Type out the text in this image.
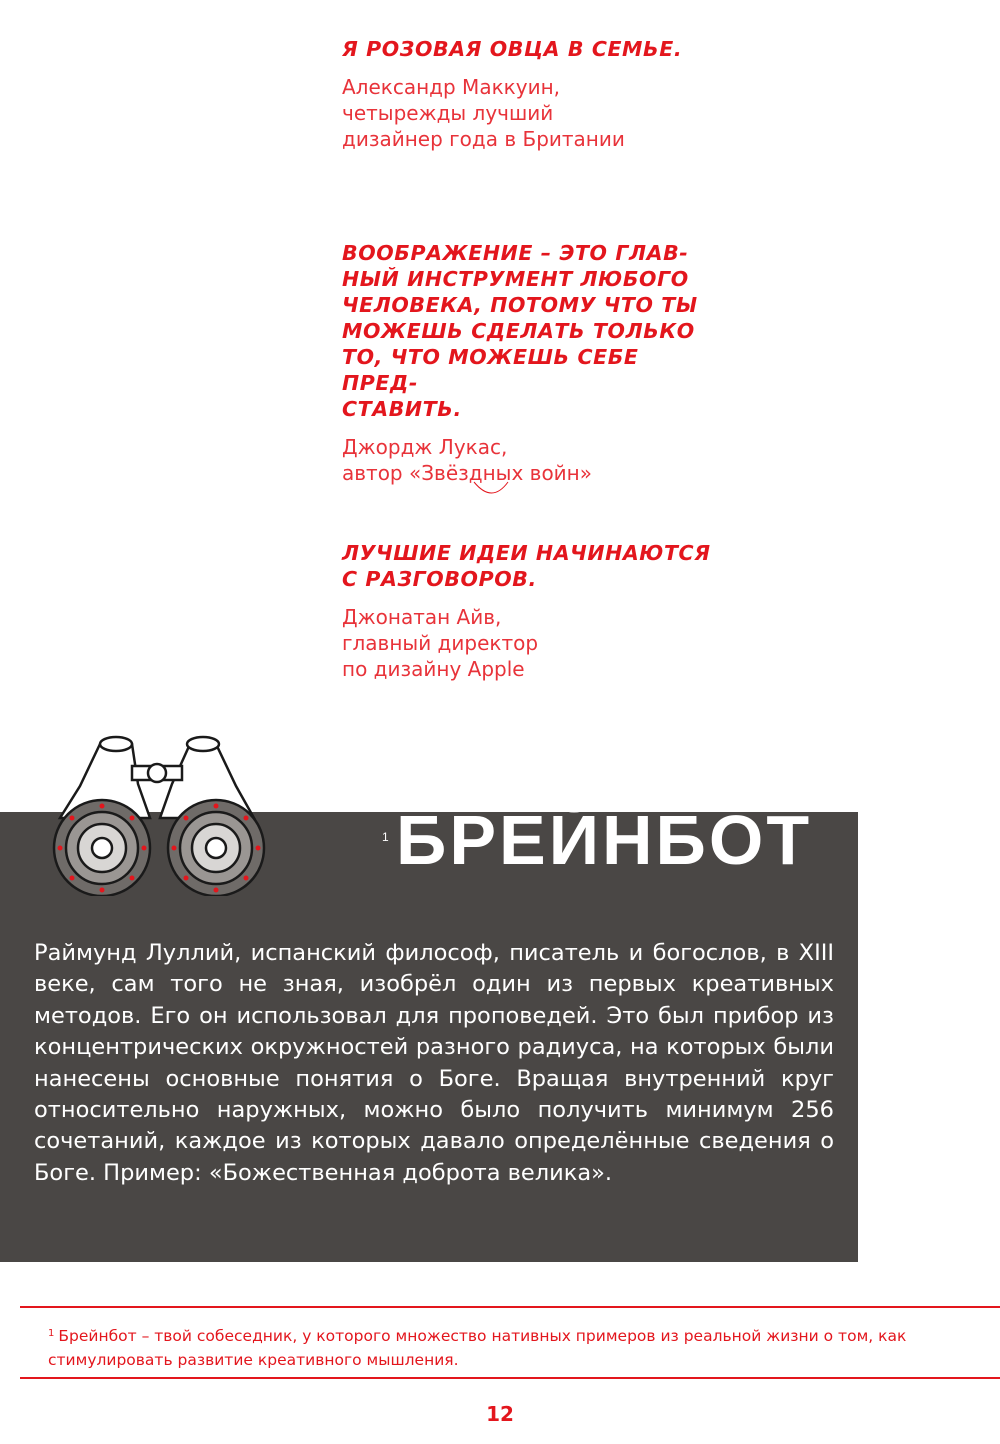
Я РОЗОВАЯ ОВЦА В СЕМЬЕ.

Александр Маккуин,
четырежды лучший
дизайнер года в Британии

ВООБРАЖЕНИЕ – ЭТО ГЛАВ-
НЫЙ ИНСТРУМЕНТ ЛЮБОГО
ЧЕЛОВЕКА, ПОТОМУ ЧТО ТЫ
МОЖЕШЬ СДЕЛАТЬ ТОЛЬКО
ТО, ЧТО МОЖЕШЬ СЕБЕ ПРЕД-
СТАВИТЬ.

Джордж Лукас,
автор «Звёздных войн»

ЛУЧШИЕ ИДЕИ НАЧИНАЮТСЯ
С РАЗГОВОРОВ.

Джонатан Айв,
главный директор
по дизайну Apple

1 БРЕЙНБОТ

Раймунд Луллий, испанский философ, писатель и богослов, в XIII веке, сам того не зная, изобрёл один из первых креативных методов. Его он использовал для проповедей. Это был прибор из концентрических окружностей разного радиуса, на которых были нанесены основные понятия о Боге. Вращая внутренний круг относительно наружных, можно было получить минимум 256 сочетаний, каждое из которых давало определённые сведения о Боге. Пример: «Божественная доброта велика».

$^1$ Брейнбот – твой собеседник, у которого множество нативных примеров из реальной жизни о том, как стимулировать развитие креативного мышления.

12
